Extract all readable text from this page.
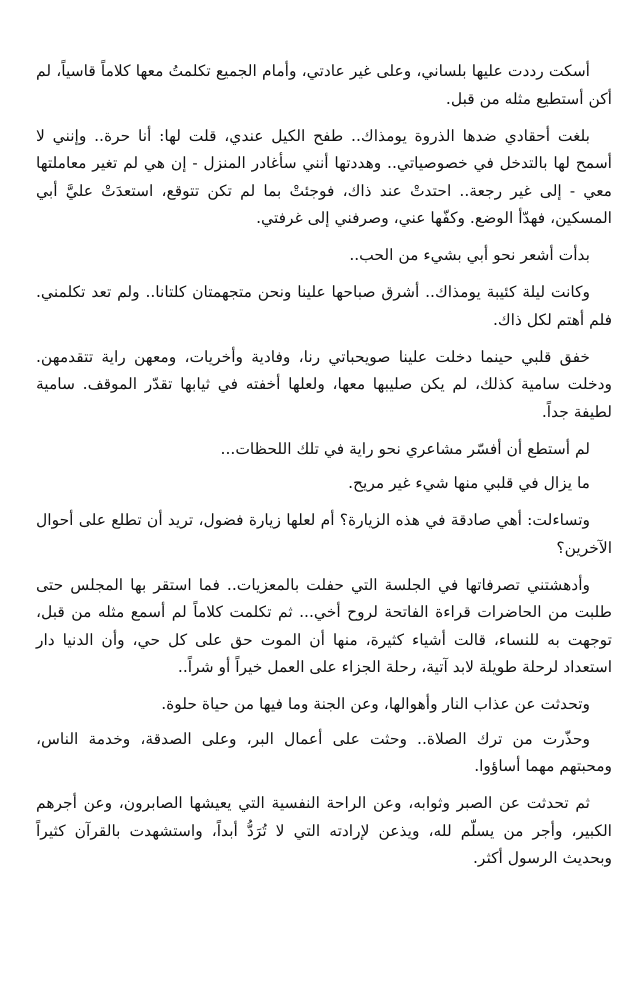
أسكت رددت عليها بلساني، وعلى غير عادتي، وأمام الجميع تكلمتُ معها كلاماً قاسياً، لم أكن أستطيع مثله من قبل.

بلغت أحقادي ضدها الذروة يومذاك.. طفح الكيل عندي، قلت لها: أنا حرة.. وإنني لا أسمح لها بالتدخل في خصوصياتي.. وهددتها أنني سأغادر المنزل - إن هي لم تغير معاملتها معي - إلى غير رجعة.. احتدتْ عند ذاك، فوجئتْ بما لم تكن تتوقع، استعدَتْ عليَّ أبي المسكين، فهدّأ الوضع. وكفّها عني، وصرفني إلى غرفتي.

بدأت أشعر نحو أبي بشيء من الحب..

وكانت ليلة كئيبة يومذاك.. أشرق صباحها علينا ونحن متجهمتان كلتانا.. ولم تعد تكلمني. فلم أهتم لكل ذاك.

خفق قلبي حينما دخلت علينا صويحباتي رنا، وفادية وأخريات، ومعهن راية تتقدمهن. ودخلت سامية كذلك، لم يكن صليبها معها، ولعلها أخفته في ثيابها تقدّر الموقف. سامية لطيفة جداً.

لم أستطع أن أفسّر مشاعري نحو راية في تلك اللحظات...

ما يزال في قلبي منها شيء غير مريح.

وتساءلت: أهي صادقة في هذه الزيارة؟ أم لعلها زيارة فضول، تريد أن تطلع على أحوال الآخرين؟

وأدهشتني تصرفاتها في الجلسة التي حفلت بالمعزيات.. فما استقر بها المجلس حتى طلبت من الحاضرات قراءة الفاتحة لروح أخي... ثم تكلمت كلاماً لم أسمع مثله من قبل، توجهت به للنساء، قالت أشياء كثيرة، منها أن الموت حق على كل حي، وأن الدنيا دار استعداد لرحلة طويلة لابد آتية، رحلة الجزاء على العمل خيراً أو شراً..

وتحدثت عن عذاب النار وأهوالها، وعن الجنة وما فيها من حياة حلوة.

وحذّرت من ترك الصلاة.. وحثت على أعمال البر، وعلى الصدقة، وخدمة الناس، ومحبتهم مهما أساؤوا.

ثم تحدثت عن الصبر وثوابه، وعن الراحة النفسية التي يعيشها الصابرون، وعن أجرهم الكبير، وأجر من يسلّم لله، ويذعن لإرادته التي لا تُرَدُّ أبداً، واستشهدت بالقرآن كثيراً وبحديث الرسول أكثر.
